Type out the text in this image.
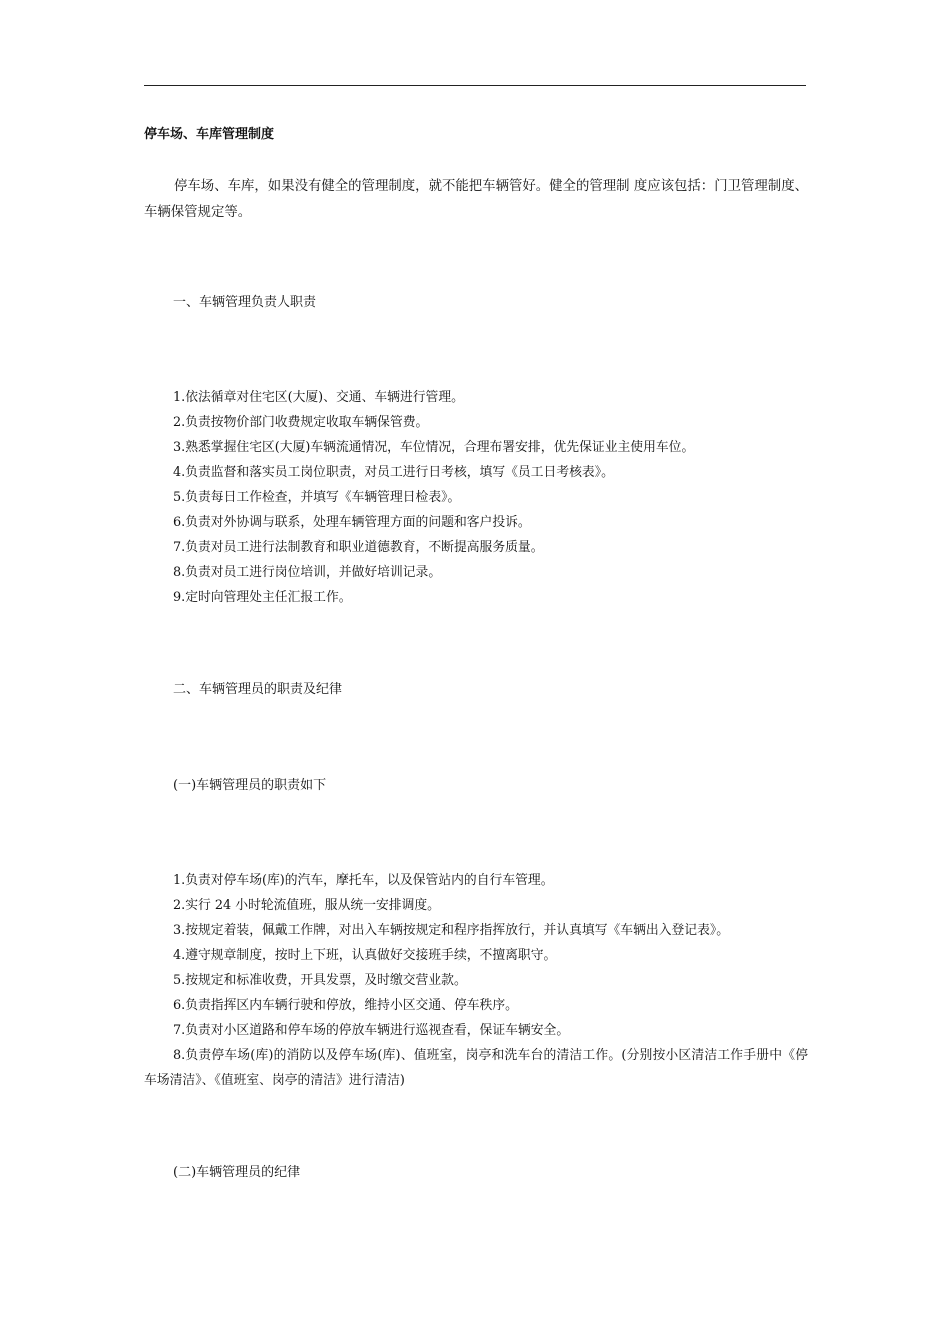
停车场、车库管理制度

停车场、车库，如果没有健全的管理制度，就不能把车辆管好。健全的管理制 度应该包括：门卫管理制度、车辆保管规定等。

一、车辆管理负责人职责
1.依法循章对住宅区(大厦)、交通、车辆进行管理。
2.负责按物价部门收费规定收取车辆保管费。
3.熟悉掌握住宅区(大厦)车辆流通情况，车位情况，合理布署安排，优先保证业主使用车位。
4.负责监督和落实员工岗位职责，对员工进行日考核，填写《员工日考核表》。
5.负责每日工作检查，并填写《车辆管理日检表》。
6.负责对外协调与联系，处理车辆管理方面的问题和客户投诉。
7.负责对员工进行法制教育和职业道德教育，不断提高服务质量。
8.负责对员工进行岗位培训，并做好培训记录。
9.定时向管理处主任汇报工作。
二、车辆管理员的职责及纪律
(一)车辆管理员的职责如下
1.负责对停车场(库)的汽车，摩托车，以及保管站内的自行车管理。
2.实行 24 小时轮流值班，服从统一安排调度。
3.按规定着装，佩戴工作牌，对出入车辆按规定和程序指挥放行，并认真填写《车辆出入登记表》。
4.遵守规章制度，按时上下班，认真做好交接班手续，不擅离职守。
5.按规定和标准收费，开具发票，及时缴交营业款。
6.负责指挥区内车辆行驶和停放，维持小区交通、停车秩序。
7.负责对小区道路和停车场的停放车辆进行巡视查看，保证车辆安全。
8.负责停车场(库)的消防以及停车场(库)、值班室，岗亭和洗车台的清洁工作。(分别按小区清洁工作手册中《停车场清洁》、《值班室、岗亭的清洁》进行清洁)
(二)车辆管理员的纪律
